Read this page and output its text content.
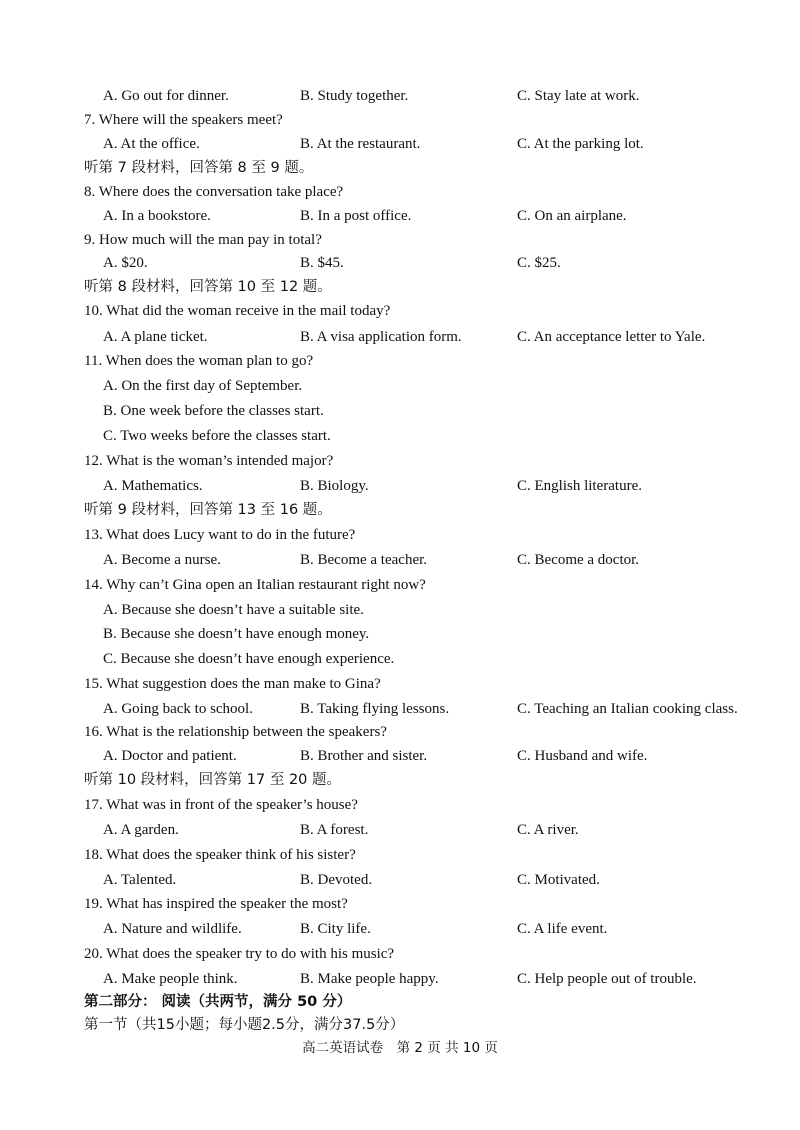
A. Go out for dinner.	B. Study together.	C. Stay late at work.
7. Where will the speakers meet?
A. At the office.	B. At the restaurant.	C. At the parking lot.
听第 7 段材料，回答第 8 至 9 题。
8. Where does the conversation take place?
A. In a bookstore.	B. In a post office.	C. On an airplane.
9. How much will the man pay in total?
A. $20.	B. $45.	C. $25.
听第 8 段材料，回答第 10 至 12 题。
10. What did the woman receive in the mail today?
A. A plane ticket.	B. A visa application form.	C. An acceptance letter to Yale.
11. When does the woman plan to go?
A. On the first day of September.
B. One week before the classes start.
C. Two weeks before the classes start.
12. What is the woman’s intended major?
A. Mathematics.	B. Biology.	C. English literature.
听第 9 段材料，回答第 13 至 16 题。
13. What does Lucy want to do in the future?
A. Become a nurse.	B. Become a teacher.	C. Become a doctor.
14. Why can’t Gina open an Italian restaurant right now?
A. Because she doesn’t have a suitable site.
B. Because she doesn’t have enough money.
C. Because she doesn’t have enough experience.
15. What suggestion does the man make to Gina?
A. Going back to school.	B. Taking flying lessons.	C. Teaching an Italian cooking class.
16. What is the relationship between the speakers?
A. Doctor and patient.	B. Brother and sister.	C. Husband and wife.
听第 10 段材料，回答第 17 至 20 题。
17. What was in front of the speaker’s house?
A. A garden.	B. A forest.	C. A river.
18. What does the speaker think of his sister?
A. Talented.	B. Devoted.	C. Motivated.
19. What has inspired the speaker the most?
A. Nature and wildlife.	B. City life.	C. A life event.
20. What does the speaker try to do with his music?
A. Make people think.	B. Make people happy.	C. Help people out of trouble.
第二部分： 阅读（共两节，满分 50 分）
第一节（共15小题；每小题2.5分，满分37.5分）
高二英语试卷　第 2 页 共 10 页
